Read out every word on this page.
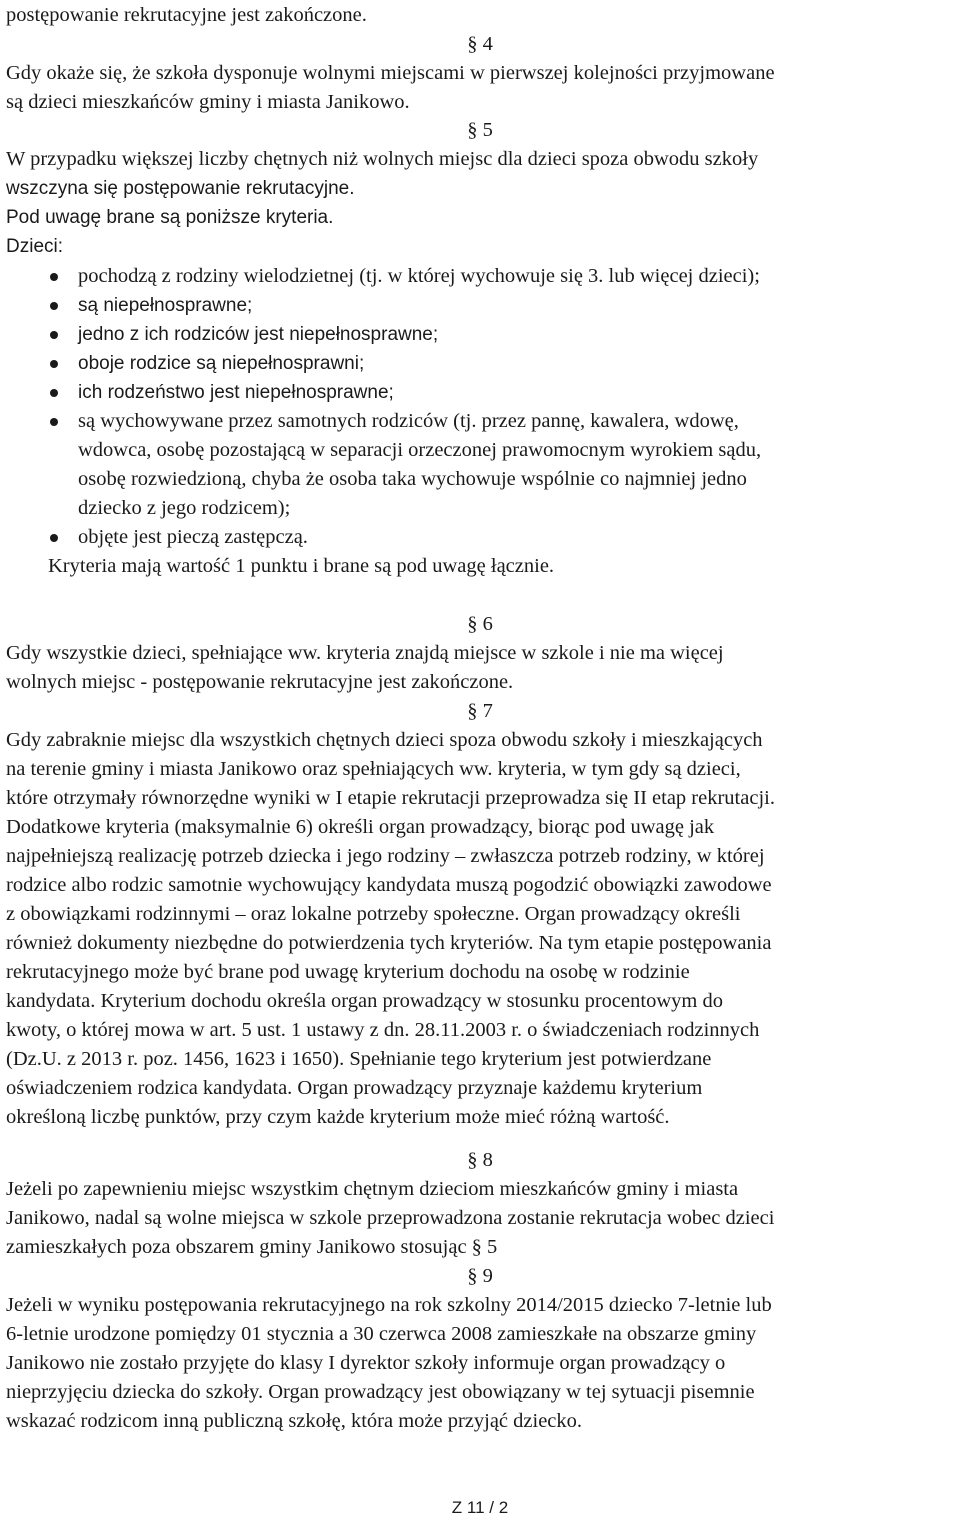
postępowanie rekrutacyjne jest zakończone.
§ 4
Gdy okaże się, że szkoła dysponuje wolnymi miejscami w pierwszej kolejności przyjmowane
są dzieci mieszkańców gminy i miasta Janikowo.
§ 5
W przypadku większej liczby chętnych niż wolnych miejsc dla dzieci spoza obwodu szkoły
wszczyna się postępowanie rekrutacyjne.
Pod uwagę brane są poniższe kryteria.
Dzieci:
pochodzą z rodziny wielodzietnej (tj. w której wychowuje się 3. lub więcej dzieci);
są niepełnosprawne;
jedno z ich rodziców jest niepełnosprawne;
oboje rodzice są niepełnosprawni;
ich rodzeństwo jest niepełnosprawne;
są wychowywane przez samotnych rodziców (tj. przez pannę, kawalera, wdowę,
wdowca, osobę pozostającą w separacji orzeczonej prawomocnym wyrokiem sądu,
osobę rozwiedzioną, chyba że osoba taka wychowuje wspólnie co najmniej jedno
dziecko z jego rodzicem);
objęte jest pieczą zastępczą.
Kryteria mają wartość 1 punktu i brane są pod uwagę łącznie.
§ 6
Gdy wszystkie dzieci, spełniające ww. kryteria znajdą miejsce w szkole i nie ma więcej
wolnych miejsc - postępowanie rekrutacyjne jest zakończone.
§ 7
Gdy zabraknie miejsc dla wszystkich chętnych dzieci spoza obwodu szkoły i mieszkających
na terenie gminy i miasta Janikowo oraz spełniających ww. kryteria, w tym gdy są dzieci,
które otrzymały równorzędne wyniki w I etapie rekrutacji przeprowadza się II etap rekrutacji.
Dodatkowe kryteria (maksymalnie 6) określi organ prowadzący, biorąc pod uwagę jak
najpełniejszą realizację potrzeb dziecka i jego rodziny – zwłaszcza potrzeb rodziny, w której
rodzice albo rodzic samotnie wychowujący kandydata muszą pogodzić obowiązki zawodowe
z obowiązkami rodzinnymi – oraz lokalne potrzeby społeczne. Organ prowadzący określi
również dokumenty niezbędne do potwierdzenia tych kryteriów. Na tym etapie postępowania
rekrutacyjnego może być brane pod uwagę kryterium dochodu na osobę w rodzinie
kandydata. Kryterium dochodu określa organ prowadzący w stosunku procentowym do
kwoty, o której mowa w art. 5 ust. 1 ustawy z dn. 28.11.2003 r. o świadczeniach rodzinnych
(Dz.U. z 2013 r. poz. 1456, 1623 i 1650). Spełnianie tego kryterium jest potwierdzane
oświadczeniem rodzica kandydata. Organ prowadzący przyznaje każdemu kryterium
określoną liczbę punktów, przy czym każde kryterium może mieć różną wartość.
§ 8
Jeżeli po zapewnieniu miejsc wszystkim chętnym dzieciom mieszkańców gminy i miasta
Janikowo, nadal są wolne miejsca w szkole przeprowadzona zostanie rekrutacja wobec dzieci
zamieszkałych poza obszarem gminy Janikowo stosując § 5
§ 9
Jeżeli w wyniku postępowania rekrutacyjnego na rok szkolny 2014/2015 dziecko 7-letnie lub
6-letnie urodzone pomiędzy 01 stycznia a 30 czerwca 2008 zamieszkałe na obszarze gminy
Janikowo nie zostało przyjęte do klasy I dyrektor szkoły informuje organ prowadzący o
nieprzyjęciu dziecka do szkoły. Organ prowadzący jest obowiązany w tej sytuacji pisemnie
wskazać rodzicom inną publiczną szkołę, która może przyjąć dziecko.
Z 11 / 2
